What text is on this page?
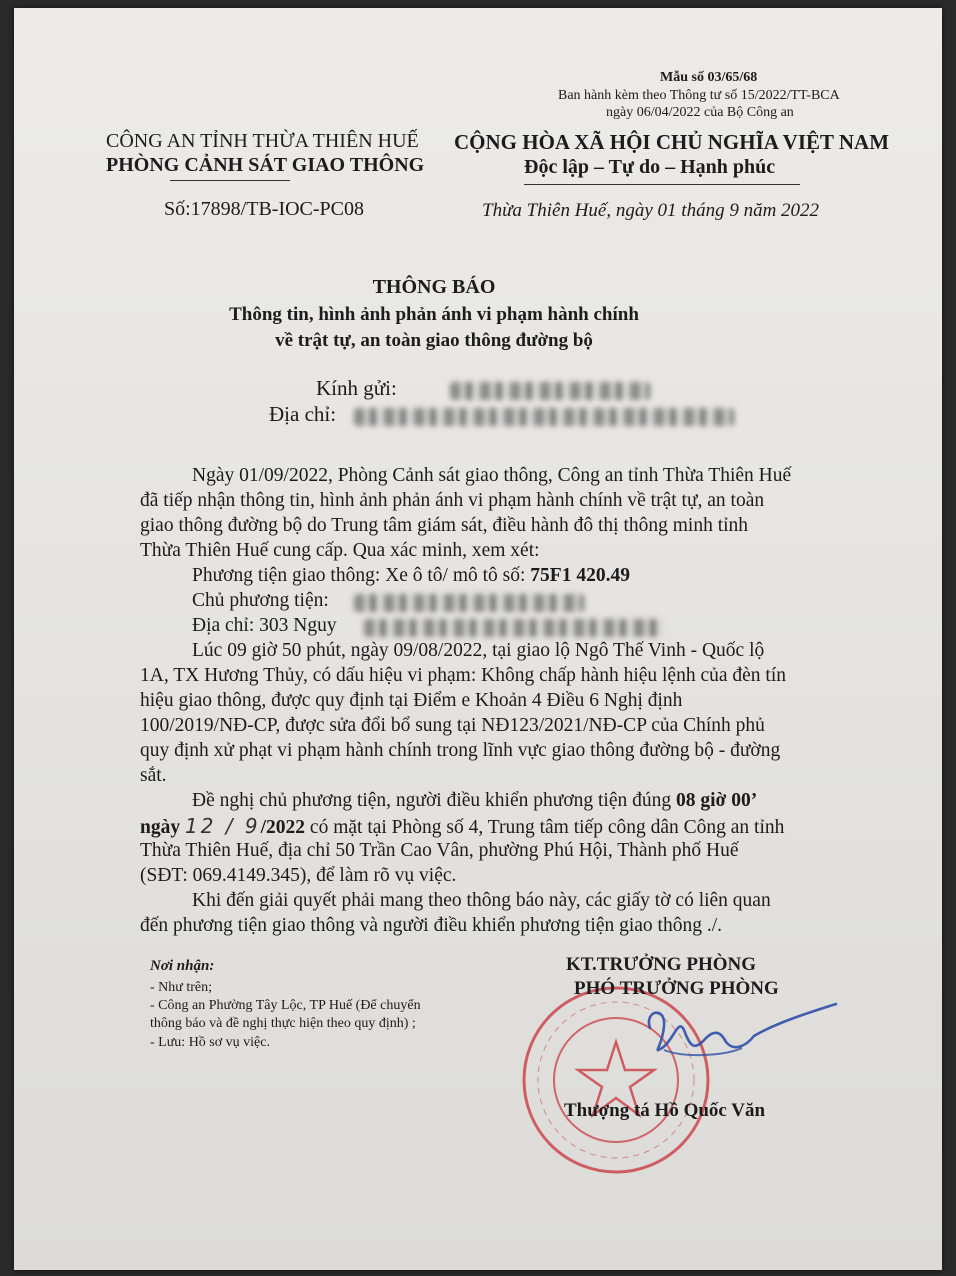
Mẫu số 03/65/68
Ban hành kèm theo Thông tư số 15/2022/TT-BCA
ngày 06/04/2022 của Bộ Công an
CÔNG AN TỈNH THỪA THIÊN HUẾ
PHÒNG CẢNH SÁT GIAO THÔNG
CỘNG HÒA XÃ HỘI CHỦ NGHĨA VIỆT NAM
Độc lập – Tự do – Hạnh phúc
Số:17898/TB-IOC-PC08	Thừa Thiên Huế, ngày 01 tháng 9 năm 2022
THÔNG BÁO
Thông tin, hình ảnh phản ánh vi phạm hành chính
về trật tự, an toàn giao thông đường bộ
Kính gửi:
Địa chỉ:
Ngày 01/09/2022, Phòng Cảnh sát giao thông, Công an tỉnh Thừa Thiên Huế
đã tiếp nhận thông tin, hình ảnh phản ánh vi phạm hành chính về trật tự, an toàn
giao thông đường bộ do Trung tâm giám sát, điều hành đô thị thông minh tỉnh
Thừa Thiên Huế cung cấp. Qua xác minh, xem xét:
Phương tiện giao thông: Xe ô tô/ mô tô số: 75F1 420.49
Chủ phương tiện:
Địa chỉ: 303 Nguy
Lúc 09 giờ 50 phút, ngày 09/08/2022, tại giao lộ Ngô Thế Vinh - Quốc lộ
1A, TX Hương Thủy, có dấu hiệu vi phạm: Không chấp hành hiệu lệnh của đèn tín
hiệu giao thông, được quy định tại Điểm e Khoản 4 Điều 6 Nghị định
100/2019/NĐ-CP, được sửa đổi bổ sung tại NĐ123/2021/NĐ-CP của Chính phủ
quy định xử phạt vi phạm hành chính trong lĩnh vực giao thông đường bộ - đường
sắt.
Đề nghị chủ phương tiện, người điều khiển phương tiện đúng 08 giờ 00’
ngày 12 / 9/2022 có mặt tại Phòng số 4, Trung tâm tiếp công dân Công an tỉnh
Thừa Thiên Huế, địa chỉ 50 Trần Cao Vân, phường Phú Hội, Thành phố Huế
(SĐT: 069.4149.345), để làm rõ vụ việc.
Khi đến giải quyết phải mang theo thông báo này, các giấy tờ có liên quan
đến phương tiện giao thông và người điều khiển phương tiện giao thông ./.
Nơi nhận:
- Như trên;
- Công an Phường Tây Lộc, TP Huế (Để chuyển
thông báo và đề nghị thực hiện theo quy định) ;
- Lưu: Hồ sơ vụ việc.
KT.TRƯỞNG PHÒNG
PHÓ TRƯỞNG PHÒNG
Thượng tá Hồ Quốc Văn
